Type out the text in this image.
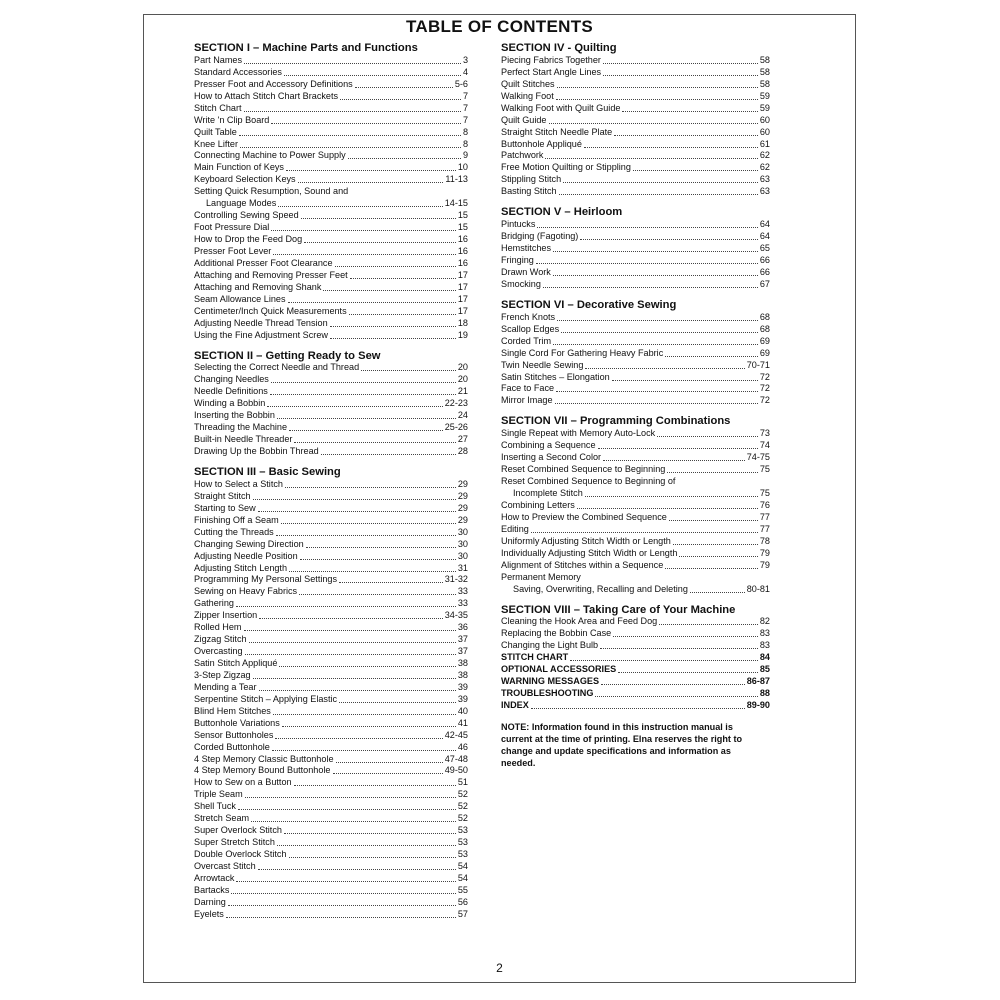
TABLE OF CONTENTS
SECTION I – Machine Parts and Functions
Part Names	3
Standard Accessories	4
Presser Foot and Accessory Definitions	5-6
How to Attach Stitch Chart Brackets	7
Stitch Chart	7
Write 'n Clip Board	7
Quilt Table	8
Knee Lifter	8
Connecting Machine to Power Supply	9
Main Function of Keys	10
Keyboard Selection Keys	11-13
Setting Quick Resumption, Sound and
Language Modes	14-15
Controlling Sewing Speed	15
Foot Pressure Dial	15
How to Drop the Feed Dog	16
Presser Foot Lever	16
Additional Presser Foot Clearance	16
Attaching and Removing Presser Feet	17
Attaching and Removing Shank	17
Seam Allowance Lines	17
Centimeter/Inch Quick Measurements	17
Adjusting Needle Thread Tension	18
Using the Fine Adjustment Screw	19
SECTION II – Getting Ready to Sew
Selecting the Correct Needle and Thread	20
Changing Needles	20
Needle Definitions	21
Winding a Bobbin	22-23
Inserting the Bobbin	24
Threading the Machine	25-26
Built-in Needle Threader	27
Drawing Up the Bobbin Thread	28
SECTION III – Basic Sewing
How to Select a Stitch	29
Straight Stitch	29
Starting to Sew	29
Finishing Off a Seam	29
Cutting the Threads	30
Changing Sewing Direction	30
Adjusting Needle Position	30
Adjusting Stitch Length	31
Programming My Personal Settings	31-32
Sewing on Heavy Fabrics	33
Gathering	33
Zipper Insertion	34-35
Rolled Hem	36
Zigzag Stitch	37
Overcasting	37
Satin Stitch Appliqué	38
3-Step Zigzag	38
Mending a Tear	39
Serpentine Stitch – Applying Elastic	39
Blind Hem Stitches	40
Buttonhole Variations	41
Sensor Buttonholes	42-45
Corded Buttonhole	46
4 Step Memory Classic Buttonhole	47-48
4 Step Memory Bound Buttonhole	49-50
How to Sew on a Button	51
Triple Seam	52
Shell Tuck	52
Stretch Seam	52
Super Overlock Stitch	53
Super Stretch Stitch	53
Double Overlock Stitch	53
Overcast Stitch	54
Arrowtack	54
Bartacks	55
Darning	56
Eyelets	57
SECTION IV - Quilting
Piecing Fabrics Together	58
Perfect Start Angle Lines	58
Quilt Stitches	58
Walking Foot	59
Walking Foot with Quilt Guide	59
Quilt Guide	60
Straight Stitch Needle Plate	60
Buttonhole Appliqué	61
Patchwork	62
Free Motion Quilting or Stippling	62
Stippling Stitch	63
Basting Stitch	63
SECTION V – Heirloom
Pintucks	64
Bridging (Fagoting)	64
Hemstitches	65
Fringing	66
Drawn Work	66
Smocking	67
SECTION VI – Decorative Sewing
French Knots	68
Scallop Edges	68
Corded Trim	69
Single Cord For Gathering Heavy Fabric	69
Twin Needle Sewing	70-71
Satin Stitches – Elongation	72
Face to Face	72
Mirror Image	72
SECTION VII – Programming Combinations
Single Repeat with Memory Auto-Lock	73
Combining a Sequence	74
Inserting a Second Color	74-75
Reset Combined Sequence to Beginning	75
Reset Combined Sequence to Beginning of
Incomplete Stitch	75
Combining Letters	76
How to Preview the Combined Sequence	77
Editing	77
Uniformly Adjusting Stitch Width or Length	78
Individually Adjusting Stitch Width or Length	79
Alignment of Stitches within a Sequence	79
Permanent Memory
Saving, Overwriting, Recalling and Deleting	80-81
SECTION VIII – Taking Care of Your Machine
Cleaning the Hook Area and Feed Dog	82
Replacing the Bobbin Case	83
Changing the Light Bulb	83
STITCH CHART	84
OPTIONAL ACCESSORIES	85
WARNING MESSAGES	86-87
TROUBLESHOOTING	88
INDEX	89-90
NOTE: Information found in this instruction manual is current at the time of printing. Elna reserves the right to change and update specifications and information as needed.
2
